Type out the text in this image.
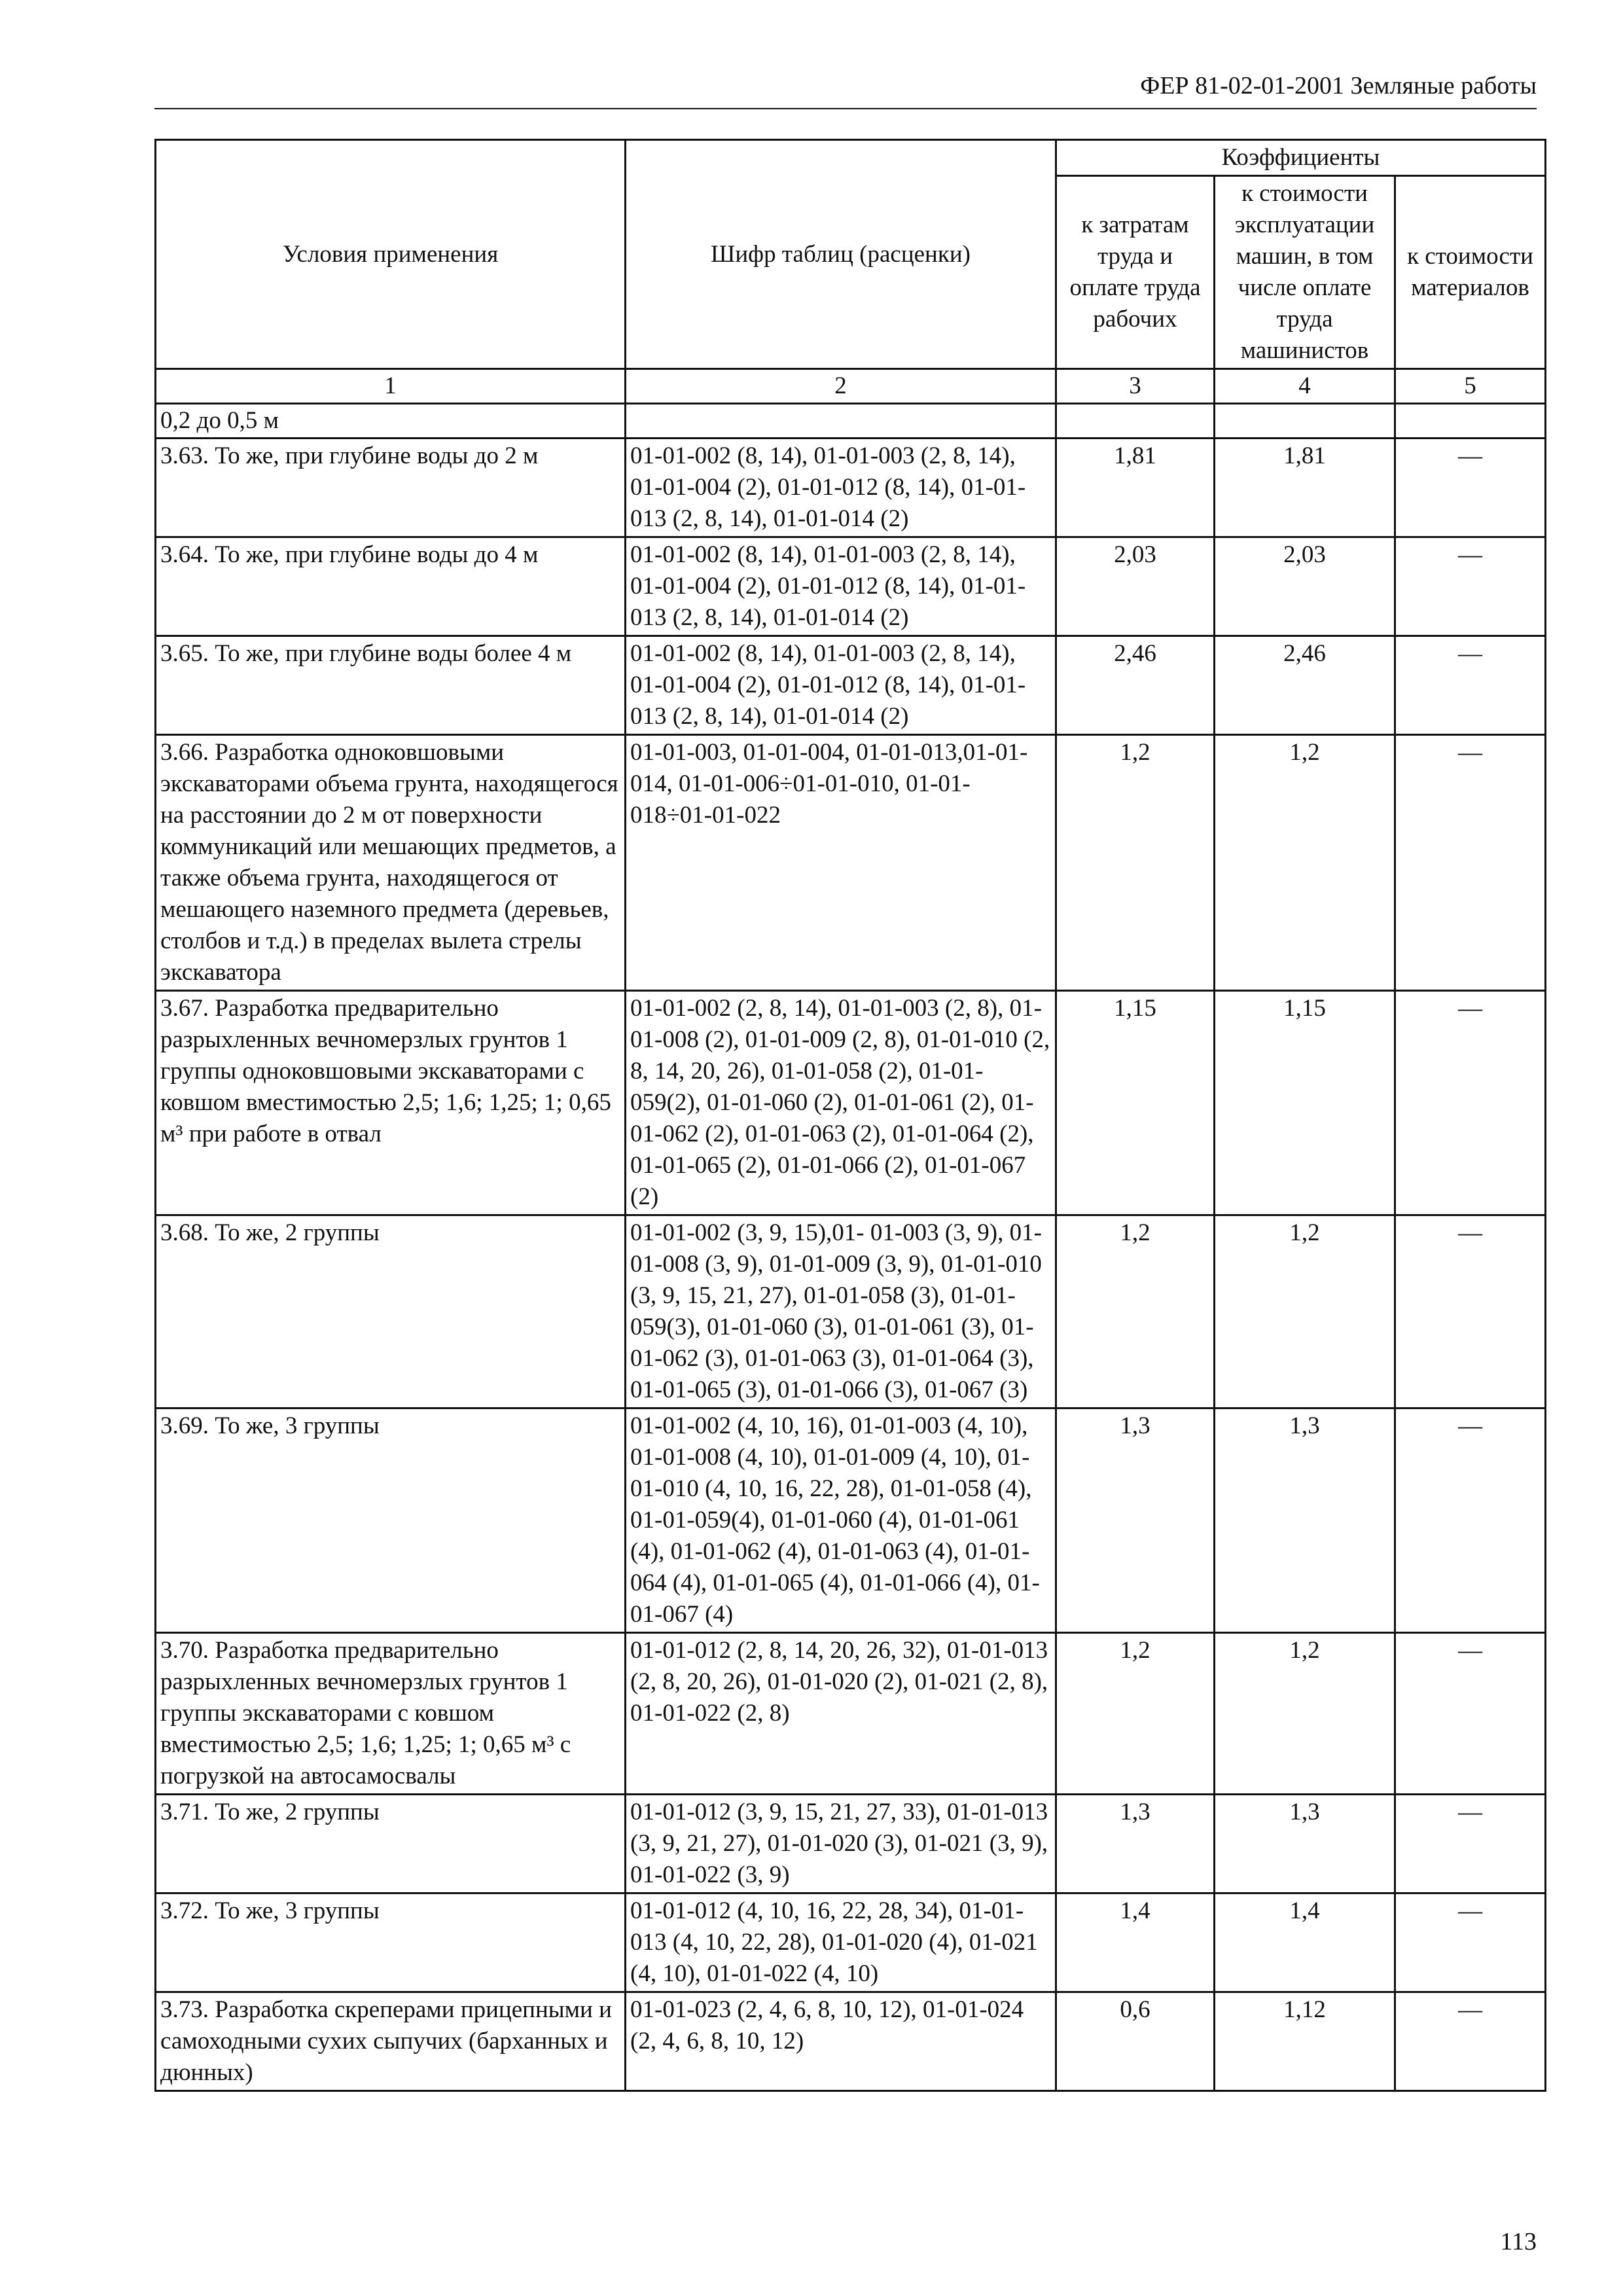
ФЕР 81-02-01-2001 Земляные работы
Условия применения	Шифр таблиц (расценки)	Коэффициенты		
		к затратам труда и оплате труда рабочих	к стоимости эксплуатации машин, в том числе оплате труда машинистов	к стоимости материалов
1	2	3	4	5
0,2 до 0,5 м				
3.63. То же, при глубине воды до 2 м	01-01-002 (8, 14), 01-01-003 (2, 8, 14), 01-01-004 (2), 01-01-012 (8, 14), 01-01-013 (2, 8, 14), 01-01-014 (2)	1,81	1,81	—
3.64. То же, при глубине воды до 4 м	01-01-002 (8, 14), 01-01-003 (2, 8, 14), 01-01-004 (2), 01-01-012 (8, 14), 01-01-013 (2, 8, 14), 01-01-014 (2)	2,03	2,03	—
3.65. То же, при глубине воды более 4 м	01-01-002 (8, 14), 01-01-003 (2, 8, 14), 01-01-004 (2), 01-01-012 (8, 14), 01-01-013 (2, 8, 14), 01-01-014 (2)	2,46	2,46	—
3.66. Разработка одноковшовыми экскаваторами объема грунта, находящегося на расстоянии до 2 м от поверхности коммуникаций или мешающих предметов, а также объема грунта, находящегося от мешающего наземного предмета (деревьев, столбов и т.д.) в пределах вылета стрелы экскаватора	01-01-003, 01-01-004, 01-01-013,01-01-014, 01-01-006÷01-01-010, 01-01-018÷01-01-022	1,2	1,2	—
3.67. Разработка предварительно разрыхленных вечномерзлых грунтов 1 группы одноковшовыми экскаваторами с ковшом вместимостью 2,5; 1,6; 1,25; 1; 0,65 м³ при работе в отвал	01-01-002 (2, 8, 14), 01-01-003 (2, 8), 01-01-008 (2), 01-01-009 (2, 8), 01-01-010 (2, 8, 14, 20, 26), 01-01-058 (2), 01-01-059(2), 01-01-060 (2), 01-01-061 (2), 01-01-062 (2), 01-01-063 (2), 01-01-064 (2), 01-01-065 (2), 01-01-066 (2), 01-01-067 (2)	1,15	1,15	—
3.68. То же, 2 группы	01-01-002 (3, 9, 15),01- 01-003 (3, 9), 01-01-008 (3, 9), 01-01-009 (3, 9), 01-01-010 (3, 9, 15, 21, 27), 01-01-058 (3), 01-01-059(3), 01-01-060 (3), 01-01-061 (3), 01-01-062 (3), 01-01-063 (3), 01-01-064 (3), 01-01-065 (3), 01-01-066 (3), 01-067 (3)	1,2	1,2	—
3.69. То же, 3 группы	01-01-002 (4, 10, 16), 01-01-003 (4, 10), 01-01-008 (4, 10), 01-01-009 (4, 10), 01-01-010 (4, 10, 16, 22, 28), 01-01-058 (4), 01-01-059(4), 01-01-060 (4), 01-01-061 (4), 01-01-062 (4), 01-01-063 (4), 01-01-064 (4), 01-01-065 (4), 01-01-066 (4), 01-01-067 (4)	1,3	1,3	—
3.70. Разработка предварительно разрыхленных вечномерзлых грунтов 1 группы экскаваторами с ковшом вместимостью 2,5; 1,6; 1,25; 1; 0,65 м³ с погрузкой на автосамосвалы	01-01-012 (2, 8, 14, 20, 26, 32), 01-01-013 (2, 8, 20, 26), 01-01-020 (2), 01-021 (2, 8), 01-01-022 (2, 8)	1,2	1,2	—
3.71. То же, 2 группы	01-01-012 (3, 9, 15, 21, 27, 33), 01-01-013 (3, 9, 21, 27), 01-01-020 (3), 01-021 (3, 9), 01-01-022 (3, 9)	1,3	1,3	—
3.72. То же, 3 группы	01-01-012 (4, 10, 16, 22, 28, 34), 01-01-013 (4, 10, 22, 28), 01-01-020 (4), 01-021 (4, 10), 01-01-022 (4, 10)	1,4	1,4	—
3.73. Разработка скреперами прицепными и самоходными сухих сыпучих (барханных и дюнных)	01-01-023 (2, 4, 6, 8, 10, 12), 01-01-024 (2, 4, 6, 8, 10, 12)	0,6	1,12	—
113
